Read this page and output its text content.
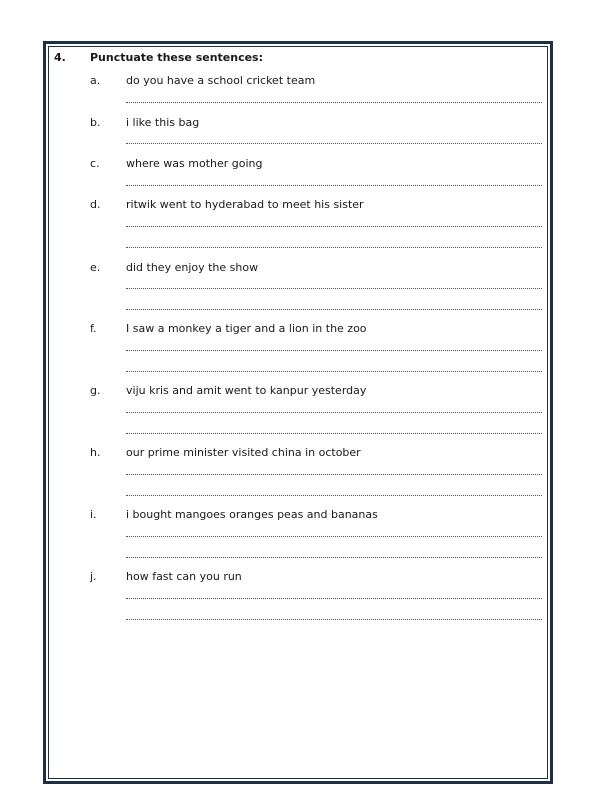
4. Punctuate these sentences:
a. do you have a school cricket team
b. i like this bag
c. where was mother going
d. ritwik went to hyderabad to meet his sister
e. did they enjoy the show
f.	I saw a monkey a tiger and a lion in the zoo
g. viju kris and amit went to kanpur yesterday
h. our prime minister visited china in october
i.	i bought mangoes oranges peas and bananas
j.	how fast can you run
